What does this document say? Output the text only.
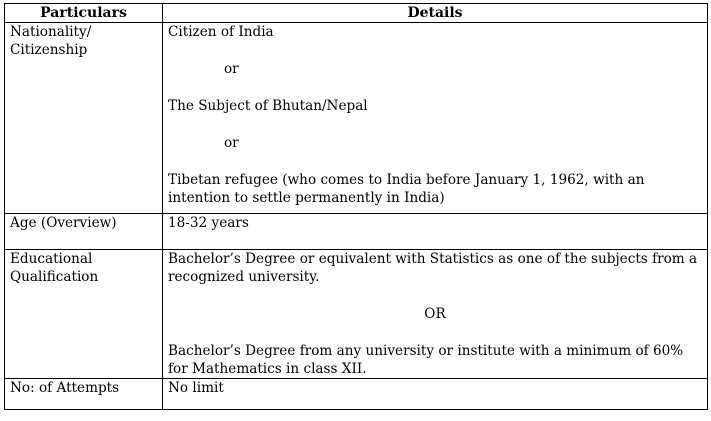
Particulars	Details
Nationality/ Citizenship	Citizen of India

or

The Subject of Bhutan/Nepal

or

Tibetan refugee (who comes to India before January 1, 1962, with an intention to settle permanently in India)

Age (Overview)	18-32 years
Educational Qualification	Bachelor’s Degree or equivalent with Statistics as one of the subjects from a recognized university.

OR

Bachelor’s Degree from any university or institute with a minimum of 60% for Mathematics in class XII.

No: of Attempts	No limit
